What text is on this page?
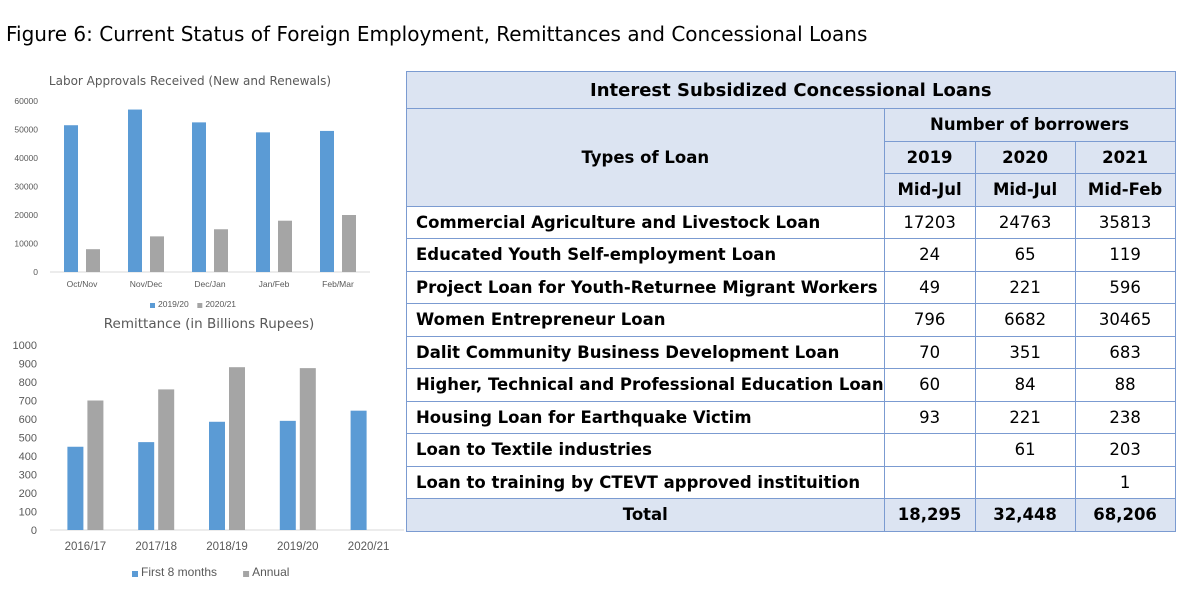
Figure 6: Current Status of Foreign Employment, Remittances and Concessional Loans
Labor Approvals Received (New and Renewals)
0
10000
20000
30000
40000
50000
60000
Oct/Nov	Nov/Dec	Dec/Jan	Jan/Feb	Feb/Mar
2019/20 2020/21
Remittance (in Billions Rupees)
0
100
200
300
400
500
600
700
800
900
1000
2016/17	2017/18	2018/19	2019/20	2020/21
First 8 months	Annual
Interest Subsidized Concessional Loans			
Types of Loan	Number of borrowers		
	2019	2020	2021
	Mid-Jul	Mid-Jul	Mid-Feb
Commercial Agriculture and Livestock Loan	17203	24763	35813
Educated Youth Self-employment Loan	24	65	119
Project Loan for Youth-Returnee Migrant Workers	49	221	596
Women Entrepreneur Loan	796	6682	30465
Dalit Community Business Development Loan	70	351	683
Higher, Technical and Professional Education Loan	60	84	88
Housing Loan for Earthquake Victim	93	221	238
Loan to Textile industries		61	203
Loan to training by CTEVT approved instituition			1
Total	18,295	32,448	68,206
